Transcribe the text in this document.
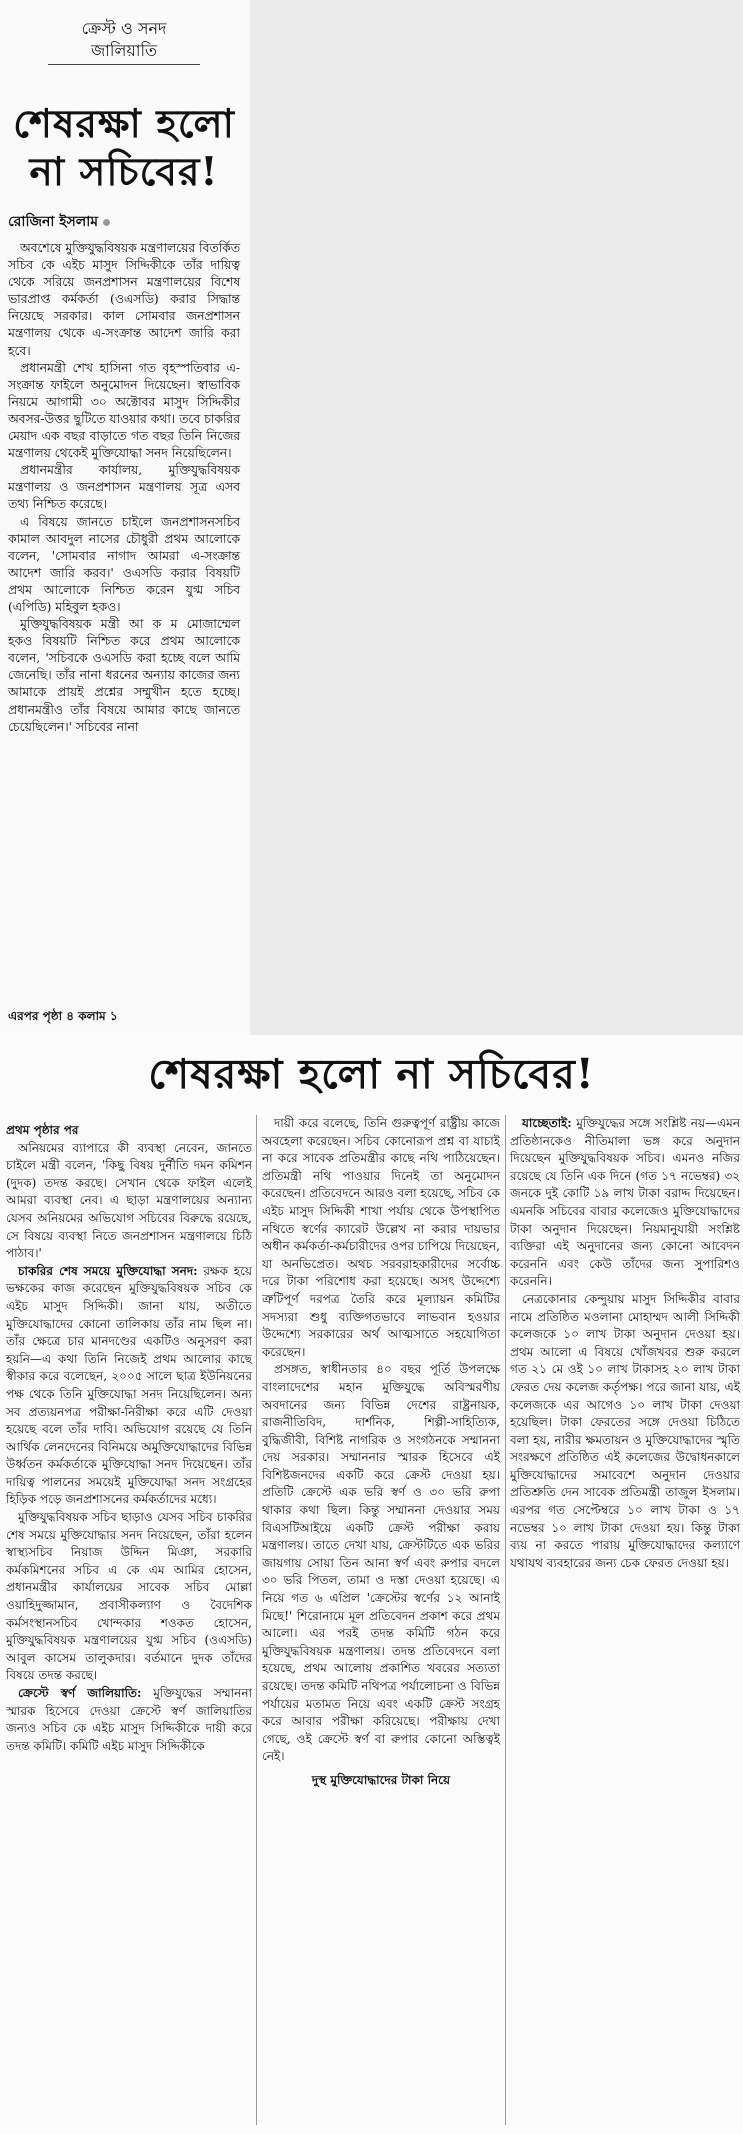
ক্রেস্ট ও সনদ
জালিয়াতি
শেষরক্ষা হলো
না সচিবের!
রোজিনা ইসলাম

অবশেষে মুক্তিযুদ্ধবিষয়ক মন্ত্রণালয়ের বিতর্কিত সচিব কে এইচ মাসুদ সিদ্দিকীকে তাঁর দায়িত্ব থেকে সরিয়ে জনপ্রশাসন মন্ত্রণালয়ের বিশেষ ভারপ্রাপ্ত কর্মকর্তা (ওএসডি) করার সিদ্ধান্ত নিয়েছে সরকার। কাল সোমবার জনপ্রশাসন মন্ত্রণালয় থেকে এ-সংক্রান্ত আদেশ জারি করা হবে।

প্রধানমন্ত্রী শেখ হাসিনা গত বৃহস্পতিবার এ-সংক্রান্ত ফাইলে অনুমোদন দিয়েছেন। স্বাভাবিক নিয়মে আগামী ৩০ অক্টোবর মাসুদ সিদ্দিকীর অবসর-উত্তর ছুটিতে যাওয়ার কথা। তবে চাকরির মেয়াদ এক বছর বাড়াতে গত বছর তিনি নিজের মন্ত্রণালয় থেকেই মুক্তিযোদ্ধা সনদ নিয়েছিলেন।

প্রধানমন্ত্রীর কার্যালয়, মুক্তিযুদ্ধবিষয়ক মন্ত্রণালয় ও জনপ্রশাসন মন্ত্রণালয় সূত্র এসব তথ্য নিশ্চিত করেছে।

এ বিষয়ে জানতে চাইলে জনপ্রশাসনসচিব কামাল আবদুল নাসের চৌধুরী প্রথম আলোকে বলেন, 'সোমবার নাগাদ আমরা এ-সংক্রান্ত আদেশ জারি করব।' ওএসডি করার বিষয়টি প্রথম আলোকে নিশ্চিত করেন যুগ্ম সচিব (এপিডি) মহিবুল হকও।

মুক্তিযুদ্ধবিষয়ক মন্ত্রী আ ক ম মোজাম্মেল হকও বিষয়টি নিশ্চিত করে প্রথম আলোকে বলেন, 'সচিবকে ওএসডি করা হচ্ছে বলে আমি জেনেছি। তাঁর নানা ধরনের অন্যায় কাজের জন্য আমাকে প্রায়ই প্রশ্নের সম্মুখীন হতে হচ্ছে। প্রধানমন্ত্রীও তাঁর বিষয়ে আমার কাছে জানতে চেয়েছিলেন।' সচিবের নানা

এরপর পৃষ্ঠা ৪ কলাম ১
শেষরক্ষা হলো না সচিবের!

প্রথম পৃষ্ঠার পর

অনিয়মের ব্যাপারে কী ব্যবস্থা নেবেন, জানতে চাইলে মন্ত্রী বলেন, 'কিছু বিষয় দুর্নীতি দমন কমিশন (দুদক) তদন্ত করছে। সেখান থেকে ফাইল এলেই আমরা ব্যবস্থা নেব। এ ছাড়া মন্ত্রণালয়ের অন্যান্য যেসব অনিয়মের অভিযোগ সচিবের বিরুদ্ধে রয়েছে, সে বিষয়ে ব্যবস্থা নিতে জনপ্রশাসন মন্ত্রণালয়ে চিঠি পাঠাব।'

চাকরির শেষ সময়ে মুক্তিযোদ্ধা সনদ: রক্ষক হয়ে ভক্ষকের কাজ করেছেন মুক্তিযুদ্ধবিষয়ক সচিব কে এইচ মাসুদ সিদ্দিকী। জানা যায়, অতীতে মুক্তিযোদ্ধাদের কোনো তালিকায় তাঁর নাম ছিল না। তাঁর ক্ষেত্রে চার মানদণ্ডের একটিও অনুসরণ করা হয়নি—এ কথা তিনি নিজেই প্রথম আলোর কাছে স্বীকার করে বলেছেন, ২০০৫ সালে ছাত্র ইউনিয়নের পক্ষ থেকে তিনি মুক্তিযোদ্ধা সনদ নিয়েছিলেন। অন্য সব প্রত্যয়নপত্র পরীক্ষা-নিরীক্ষা করে এটি দেওয়া হয়েছে বলে তাঁর দাবি। অভিযোগ রয়েছে যে তিনি আর্থিক লেনদেনের বিনিময়ে অমুক্তিযোদ্ধাদের বিভিন্ন উর্ধ্বতন কর্মকর্তাকে মুক্তিযোদ্ধা সনদ দিয়েছেন। তাঁর দায়িত্ব পালনের সময়েই মুক্তিযোদ্ধা সনদ সংগ্রহের হিড়িক পড়ে জনপ্রশাসনের কর্মকর্তাদের মধ্যে।

মুক্তিযুদ্ধবিষয়ক সচিব ছাড়াও যেসব সচিব চাকরির শেষ সময়ে মুক্তিযোদ্ধার সনদ নিয়েছেন, তাঁরা হলেন স্বাস্থ্যসচিব নিয়াজ উদ্দিন মিঞা, সরকারি কর্মকমিশনের সচিব এ কে এম আমির হোসেন, প্রধানমন্ত্রীর কার্যালয়ের সাবেক সচিব মোল্লা ওয়াহিদুজ্জামান, প্রবাসীকল্যাণ ও বৈদেশিক কর্মসংস্থানসচিব খোন্দকার শওকত হোসেন, মুক্তিযুদ্ধবিষয়ক মন্ত্রণালয়ের যুগ্ম সচিব (ওএসডি) আবুল কাসেম তালুকদার। বর্তমানে দুদক তাঁদের বিষয়ে তদন্ত করছে।

ক্রেস্টে স্বর্ণ জালিয়াতি: মুক্তিযুদ্ধের সম্মাননা স্মারক হিসেবে দেওয়া ক্রেস্টে স্বর্ণ জালিয়াতির জন্যও সচিব কে এইচ মাসুদ সিদ্দিকীকে দায়ী করে তদন্ত কমিটি। কমিটি এইচ মাসুদ সিদ্দিকীকে

দায়ী করে বলেছে, তিনি গুরুত্বপূর্ণ রাষ্ট্রীয় কাজে অবহেলা করেছেন। সচিব কোনোরূপ প্রশ্ন বা যাচাই না করে সাবেক প্রতিমন্ত্রীর কাছে নথি পাঠিয়েছেন। প্রতিমন্ত্রী নথি পাওয়ার দিনেই তা অনুমোদন করেছেন। প্রতিবেদনে আরও বলা হয়েছে, সচিব কে এইচ মাসুদ সিদ্দিকী শাখা পর্যায় থেকে উপস্থাপিত নথিতে স্বর্ণের ক্যারেট উল্লেখ না করার দায়ভার অধীন কর্মকর্তা-কর্মচারীদের ওপর চাপিয়ে দিয়েছেন, যা অনভিপ্রেত। অথচ সরবরাহকারীদের সর্বোচ্চ দরে টাকা পরিশোধ করা হয়েছে। অসৎ উদ্দেশ্যে ত্রুটিপূর্ণ দরপত্র তৈরি করে মূল্যায়ন কমিটির সদস্যরা শুধু ব্যক্তিগতভাবে লাভবান হওয়ার উদ্দেশ্যে সরকারের অর্থ আত্মসাতে সহযোগিতা করেছেন।

প্রসঙ্গত, স্বাধীনতার ৪০ বছর পূর্তি উপলক্ষে বাংলাদেশের মহান মুক্তিযুদ্ধে অবিস্মরণীয় অবদানের জন্য বিভিন্ন দেশের রাষ্ট্রনায়ক, রাজনীতিবিদ, দার্শনিক, শিল্পী-সাহিত্যিক, বুদ্ধিজীবী, বিশিষ্ট নাগরিক ও সংগঠনকে সম্মাননা দেয় সরকার। সম্মাননার স্মারক হিসেবে এই বিশিষ্টজনদের একটি করে ক্রেস্ট দেওয়া হয়। প্রতিটি ক্রেস্টে এক ভরি স্বর্ণ ও ৩০ ভরি রুপা থাকার কথা ছিল। কিন্তু সম্মাননা দেওয়ার সময় বিএসটিআইয়ে একটি ক্রেস্ট পরীক্ষা করায় মন্ত্রণালয়। তাতে দেখা যায়, ক্রেস্টটিতে এক ভরির জায়গায় সোয়া তিন আনা স্বর্ণ এবং রুপার বদলে ৩০ ভরি পিতল, তামা ও দস্তা দেওয়া হয়েছে। এ নিয়ে গত ৬ এপ্রিল 'ক্রেস্টের স্বর্ণের ১২ আনাই মিছে!' শিরোনামে মূল প্রতিবেদন প্রকাশ করে প্রথম আলো। এর পরই তদন্ত কমিটি গঠন করে মুক্তিযুদ্ধবিষয়ক মন্ত্রণালয়। তদন্ত প্রতিবেদনে বলা হয়েছে, প্রথম আলোয় প্রকাশিত খবরের সত্যতা রয়েছে। তদন্ত কমিটি নথিপত্র পর্যালোচনা ও বিভিন্ন পর্যায়ের মতামত নিয়ে এবং একটি ক্রেস্ট সংগ্রহ করে আবার পরীক্ষা করিয়েছে। পরীক্ষায় দেখা গেছে, ওই ক্রেস্টে স্বর্ণ বা রুপার কোনো অস্তিত্বই নেই।

দুস্থ মুক্তিযোদ্ধাদের টাকা নিয়ে

যাচ্ছেতাই: মুক্তিযুদ্ধের সঙ্গে সংশ্লিষ্ট নয়—এমন প্রতিষ্ঠানকেও নীতিমালা ভঙ্গ করে অনুদান দিয়েছেন মুক্তিযুদ্ধবিষয়ক সচিব। এমনও নজির রয়েছে যে তিনি এক দিনে (গত ১৭ নভেম্বর) ৩২ জনকে দুই কোটি ১৯ লাখ টাকা বরাদ্দ দিয়েছেন। এমনকি সচিবের বাবার কলেজেও মুক্তিযোদ্ধাদের টাকা অনুদান দিয়েছেন। নিয়মানুযায়ী সংশ্লিষ্ট ব্যক্তিরা এই অনুদানের জন্য কোনো আবেদন করেননি এবং কেউ তাঁদের জন্য সুপারিশও করেননি।

নেত্রকোনার কেন্দুয়ায় মাসুদ সিদ্দিকীর বাবার নামে প্রতিষ্ঠিত মওলানা মোহাম্মদ আলী সিদ্দিকী কলেজকে ১০ লাখ টাকা অনুদান দেওয়া হয়। প্রথম আলো এ বিষয়ে খোঁজখবর শুরু করলে গত ২১ মে ওই ১০ লাখ টাকাসহ ২০ লাখ টাকা ফেরত দেয় কলেজ কর্তৃপক্ষ। পরে জানা যায়, এই কলেজকে এর আগেও ১০ লাখ টাকা দেওয়া হয়েছিল। টাকা ফেরতের সঙ্গে দেওয়া চিঠিতে বলা হয়, নারীর ক্ষমতায়ন ও মুক্তিযোদ্ধাদের স্মৃতি সংরক্ষণে প্রতিষ্ঠিত এই কলেজের উদ্বোধনকালে মুক্তিযোদ্ধাদের সমাবেশে অনুদান দেওয়ার প্রতিশ্রুতি দেন সাবেক প্রতিমন্ত্রী তাজুল ইসলাম। এরপর গত সেপ্টেম্বরে ১০ লাখ টাকা ও ১৭ নভেম্বর ১০ লাখ টাকা দেওয়া হয়। কিন্তু টাকা ব্যয় না করতে পারায় মুক্তিযোদ্ধাদের কল্যাণে যথাযথ ব্যবহারের জন্য চেক ফেরত দেওয়া হয়।
